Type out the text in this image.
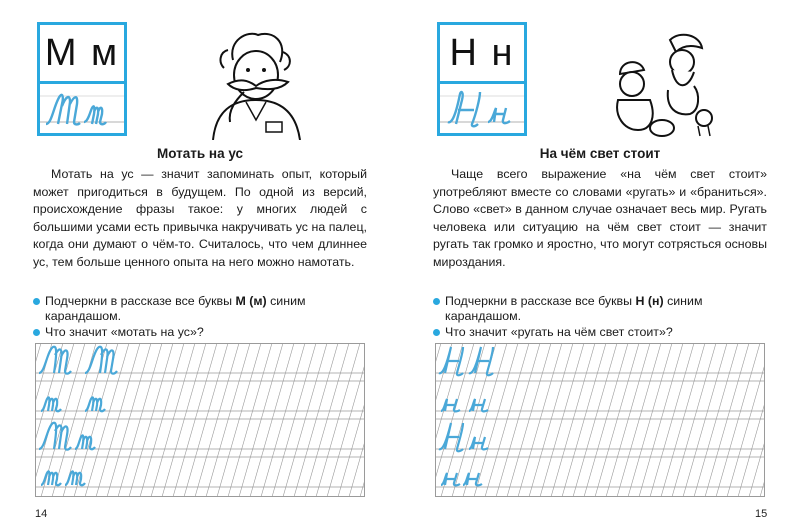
М м
Мотать на ус

Мотать на ус — значит запоминать опыт, который может пригодиться в будущем. По одной из версий, происхождение фразы такое: у многих людей с большими усами есть привычка накручивать ус на палец, когда они думают о чём-то. Считалось, что чем длиннее ус, тем больше ценного опыта на него можно намотать.

Подчеркни в рассказе все буквы М (м) синим карандашом.
Что значит «мотать на ус»?
14
Н н
На чём свет стоит

Чаще всего выражение «на чём свет стоит» употребляют вместе со словами «ругать» и «браниться». Слово «свет» в данном случае означает весь мир. Ругать человека или ситуацию на чём свет стоит — значит ругать так громко и яростно, что могут сотрясться основы мироздания.

Подчеркни в рассказе все буквы Н (н) синим карандашом.
Что значит «ругать на чём свет стоит»?
15
